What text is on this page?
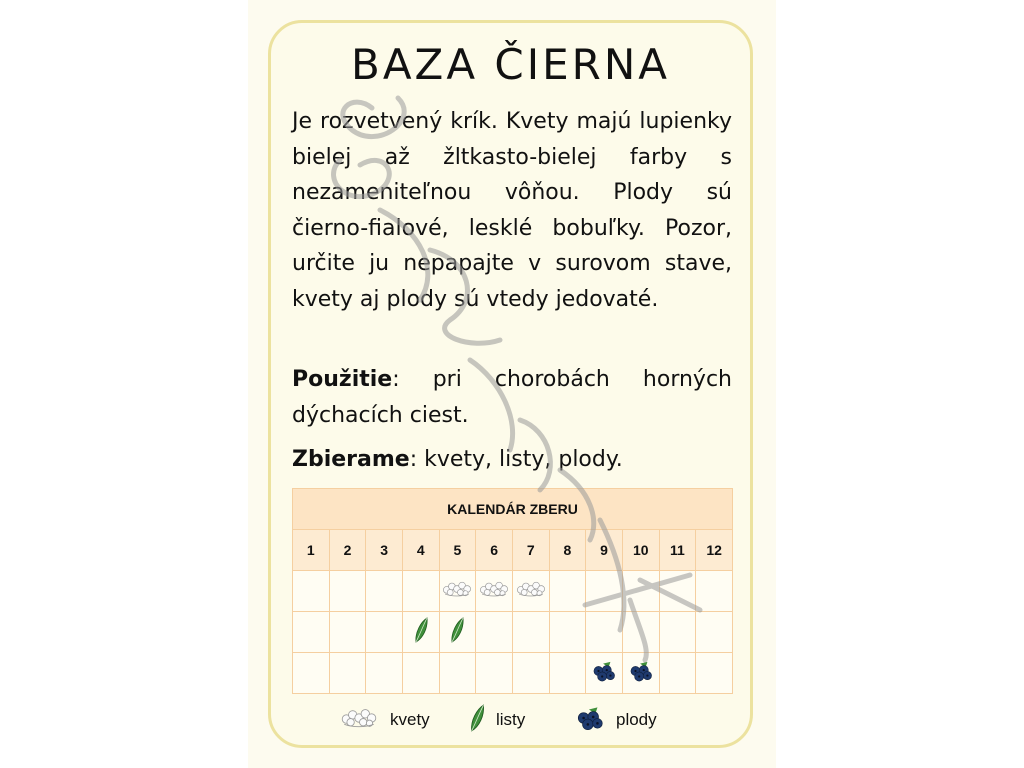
BAZA ČIERNA

Je rozvetvený krík. Kvety majú lupienky bielej až žltkasto-bielej farby s nezameniteľnou vôňou. Plody sú čierno-fialové, lesklé bobuľky. Pozor, určite ju nepapajte v surovom stave, kvety aj plody sú vtedy jedovaté.

Použitie: pri chorobách horných dýchacích ciest.

Zbierame: kvety, listy, plody.

KALENDÁR ZBERU											
1	2	3	4	5	6	7	8	9	10	11	12

kvety	listy	plody
